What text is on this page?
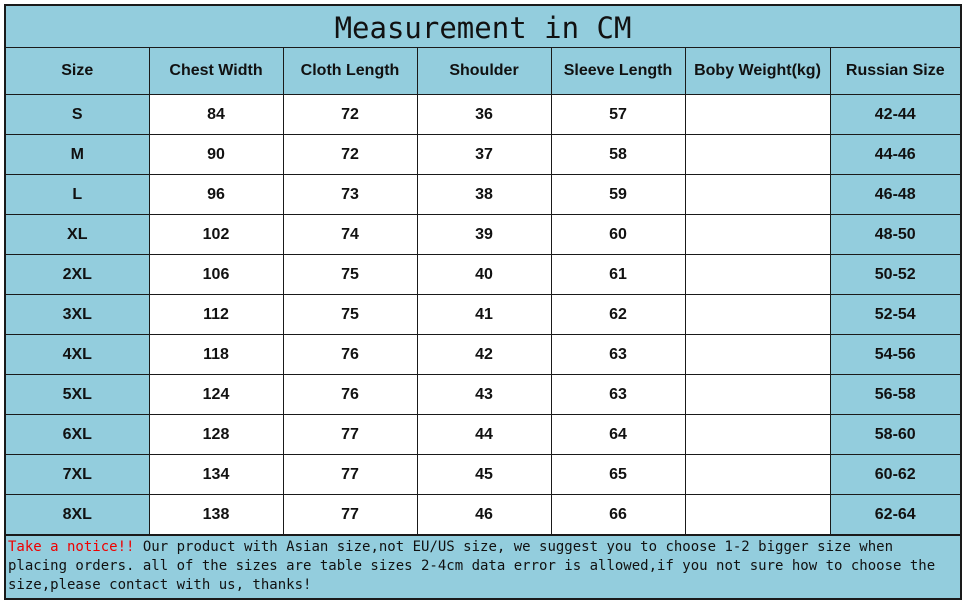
Measurement in CM
Size	Chest Width	Cloth Length	Shoulder	Sleeve Length	Boby Weight(kg)	Russian Size
S	84	72	36	57		42-44
M	90	72	37	58		44-46
L	96	73	38	59		46-48
XL	102	74	39	60		48-50
2XL	106	75	40	61		50-52
3XL	112	75	41	62		52-54
4XL	118	76	42	63		54-56
5XL	124	76	43	63		56-58
6XL	128	77	44	64		58-60
7XL	134	77	45	65		60-62
8XL	138	77	46	66		62-64
Take a notice!! Our product with Asian size,not EU/US size, we suggest you to choose 1-2 bigger size when placing orders. all of the sizes are table sizes 2-4cm data error is allowed,if you not sure how to choose the size,please contact with us, thanks!
